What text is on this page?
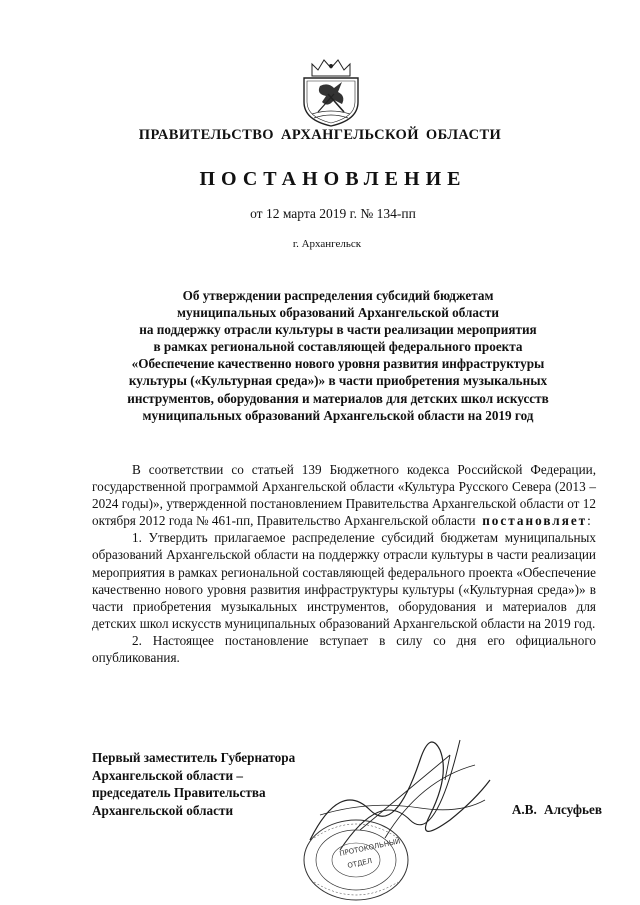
ПРАВИТЕЛЬСТВО АРХАНГЕЛЬСКОЙ ОБЛАСТИ
ПОСТАНОВЛЕНИЕ
от 12 марта 2019 г. № 134-пп
г. Архангельск
Об утверждении распределения субсидий бюджетам
муниципальных образований Архангельской области
на поддержку отрасли культуры в части реализации мероприятия
в рамках региональной составляющей федерального проекта
«Обеспечение качественно нового уровня развития инфраструктуры
культуры («Культурная среда»)» в части приобретения музыкальных
инструментов, оборудования и материалов для детских школ искусств
муниципальных образований Архангельской области на 2019 год

В соответствии со статьей 139 Бюджетного кодекса Российской Федерации, государственной программой Архангельской области «Культура Русского Севера (2013 – 2024 годы)», утвержденной постановлением Правительства Архангельской области от 12 октября 2012 года № 461-пп, Правительство Архангельской области постановляет:

1. Утвердить прилагаемое распределение субсидий бюджетам муниципальных образований Архангельской области на поддержку отрасли культуры в части реализации мероприятия в рамках региональной составляющей федерального проекта «Обеспечение качественно нового уровня развития инфраструктуры культуры («Культурная среда»)» в части приобретения музыкальных инструментов, оборудования и материалов для детских школ искусств муниципальных образований Архангельской области на 2019 год.

2. Настоящее постановление вступает в силу со дня его официального опубликования.

Первый заместитель Губернатора
Архангельской области –
председатель Правительства
Архангельской области	А.В. Алсуфьев
ПРОТОКОЛЬНЫЙ
ОТДЕЛ
